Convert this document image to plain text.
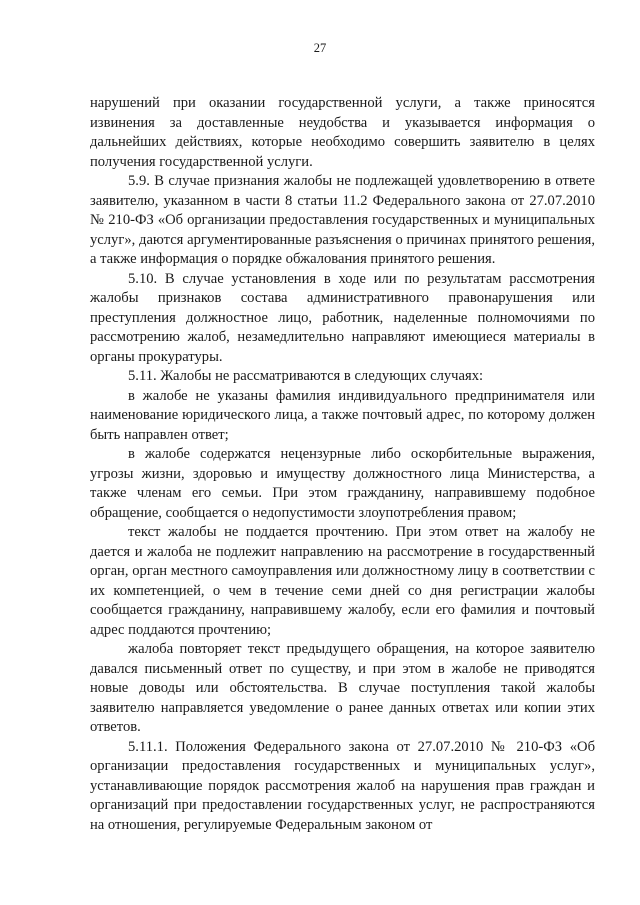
27

нарушений при оказании государственной услуги, а также приносятся извинения за доставленные неудобства и указывается информация о дальнейших действиях, которые необходимо совершить заявителю в целях получения государственной услуги.

5.9. В случае признания жалобы не подлежащей удовлетворению в ответе заявителю, указанном в части 8 статьи 11.2 Федерального закона от 27.07.2010 № 210-ФЗ «Об организации предоставления государственных и муниципальных услуг», даются аргументированные разъяснения о причинах принятого решения, а также информация о порядке обжалования принятого решения.

5.10. В случае установления в ходе или по результатам рассмотрения жалобы признаков состава административного правонарушения или преступления должностное лицо, работник, наделенные полномочиями по рассмотрению жалоб, незамедлительно направляют имеющиеся материалы в органы прокуратуры.

5.11. Жалобы не рассматриваются в следующих случаях:

в жалобе не указаны фамилия индивидуального предпринимателя или наименование юридического лица, а также почтовый адрес, по которому должен быть направлен ответ;

в жалобе содержатся нецензурные либо оскорбительные выражения, угрозы жизни, здоровью и имуществу должностного лица Министерства, а также членам его семьи. При этом гражданину, направившему подобное обращение, сообщается о недопустимости злоупотребления правом;

текст жалобы не поддается прочтению. При этом ответ на жалобу не дается и жалоба не подлежит направлению на рассмотрение в государственный орган, орган местного самоуправления или должностному лицу в соответствии с их компетенцией, о чем в течение семи дней со дня регистрации жалобы сообщается гражданину, направившему жалобу, если его фамилия и почтовый адрес поддаются прочтению;

жалоба повторяет текст предыдущего обращения, на которое заявителю давался письменный ответ по существу, и при этом в жалобе не приводятся новые доводы или обстоятельства. В случае поступления такой жалобы заявителю направляется уведомление о ранее данных ответах или копии этих ответов.

5.11.1. Положения Федерального закона от 27.07.2010 № 210-ФЗ «Об организации предоставления государственных и муниципальных услуг», устанавливающие порядок рассмотрения жалоб на нарушения прав граждан и организаций при предоставлении государственных услуг, не распространяются на отношения, регулируемые Федеральным законом от
